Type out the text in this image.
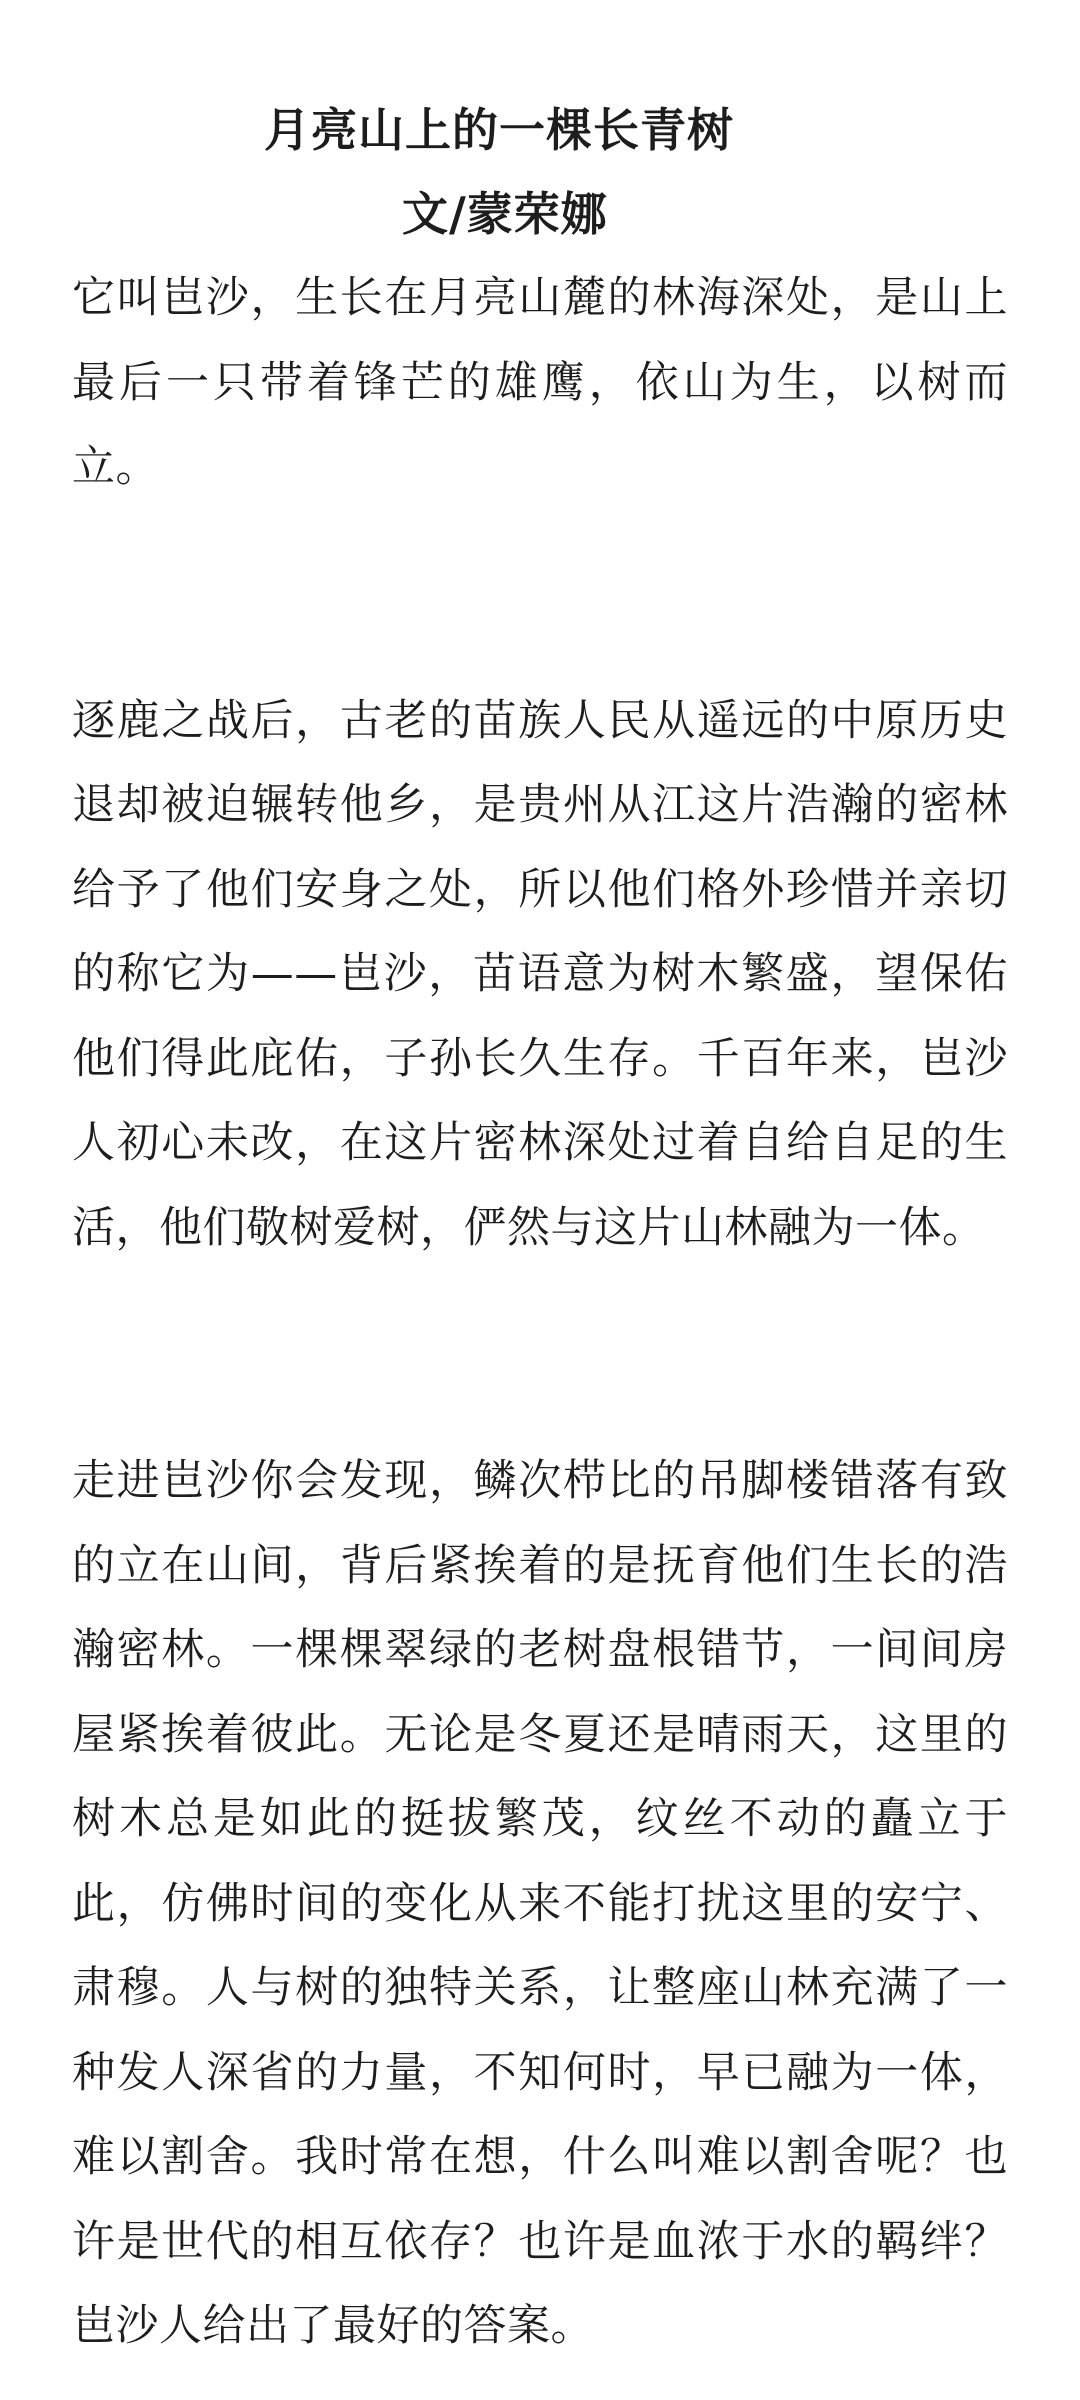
月亮山上的一棵长青树
文/蒙荣娜

它叫岜沙，生长在月亮山麓的林海深处，是山上最后一只带着锋芒的雄鹰，依山为生，以树而立。

逐鹿之战后，古老的苗族人民从遥远的中原历史退却被迫辗转他乡，是贵州从江这片浩瀚的密林给予了他们安身之处，所以他们格外珍惜并亲切的称它为——岜沙，苗语意为树木繁盛，望保佑他们得此庇佑，子孙长久生存。千百年来，岜沙人初心未改，在这片密林深处过着自给自足的生活，他们敬树爱树，俨然与这片山林融为一体。

走进岜沙你会发现，鳞次栉比的吊脚楼错落有致的立在山间，背后紧挨着的是抚育他们生长的浩瀚密林。一棵棵翠绿的老树盘根错节，一间间房屋紧挨着彼此。无论是冬夏还是晴雨天，这里的树木总是如此的挺拔繁茂，纹丝不动的矗立于此，仿佛时间的变化从来不能打扰这里的安宁、肃穆。人与树的独特关系，让整座山林充满了一种发人深省的力量，不知何时，早已融为一体，难以割舍。我时常在想，什么叫难以割舍呢？也许是世代的相互依存？也许是血浓于水的羁绊？岜沙人给出了最好的答案。
